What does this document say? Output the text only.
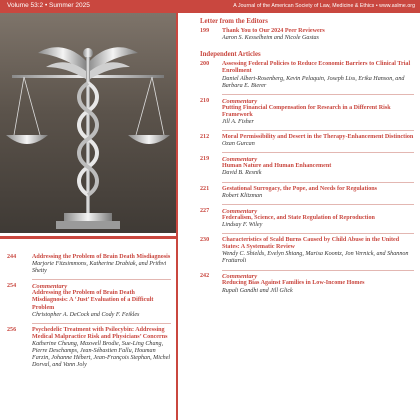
Volume 53:2 • Summer 2025	A Journal of the American Society of Law, Medicine & Ethics • www.aslme.org
244	Addressing the Problem of Brain Death Misdiagnosis
Marjorie Fitzsimmons, Katherine Drabiak, and Prithvi Shetty
254 Commentary
Addressing the Problem of Brain Death Misdiagnosis: A ‘Just’ Evaluation of a Difficult Problem
Christopher A. DeCock and Cody F. Feikles
256	Psychedelic Treatment with Psilocybin: Addressing Medical Malpractice Risk and Physicians’ Concerns
Katherine Cheung, Maxwell Brodie, Sue-Ling Chang, Pierre Deschamps, Jean-Sébastien Fallu, Houman Farzin, Johanne Hébert, Jean-François Stephan, Michel Dorval, and Vann Joly
Letter from the Editors
199 Thank You to Our 2024 Peer Reviewers
Aaron S. Kesselheim and Nicole Gastas
Independent Articles
200 Assessing Federal Policies to Reduce Economic Barriers to Clinical Trial Enrollment
Daniel Albert-Rosenberg, Kevin Pelaquin, Joseph Liss, Erika Hanson, and Barbara E. Bierer
210 Commentary
Putting Financial Compensation for Research in a Different Risk Framework
Jill A. Fisher
212 Moral Permissibility and Desert in the Therapy-Enhancement Distinction
Ozan Gurcan
219 Commentary
Human Nature and Human Enhancement
David B. Resnik
221 Gestational Surrogacy, the Pope, and Needs for Regulations
Robert Klitzman
227 Commentary
Federalism, Science, and State Regulation of Reproduction
Lindsay F. Wiley
230 Characteristics of Scald Burns Caused by Child Abuse in the United States: A Systematic Review
Wendy C. Shields, Evelyn Shiang, Marisa Koontz, Jon Vernick, and Shannon Frattaroli
242 Commentary
Reducing Bias Against Families in Low-Income Homes
Rupali Gandhi and Jill Glick
